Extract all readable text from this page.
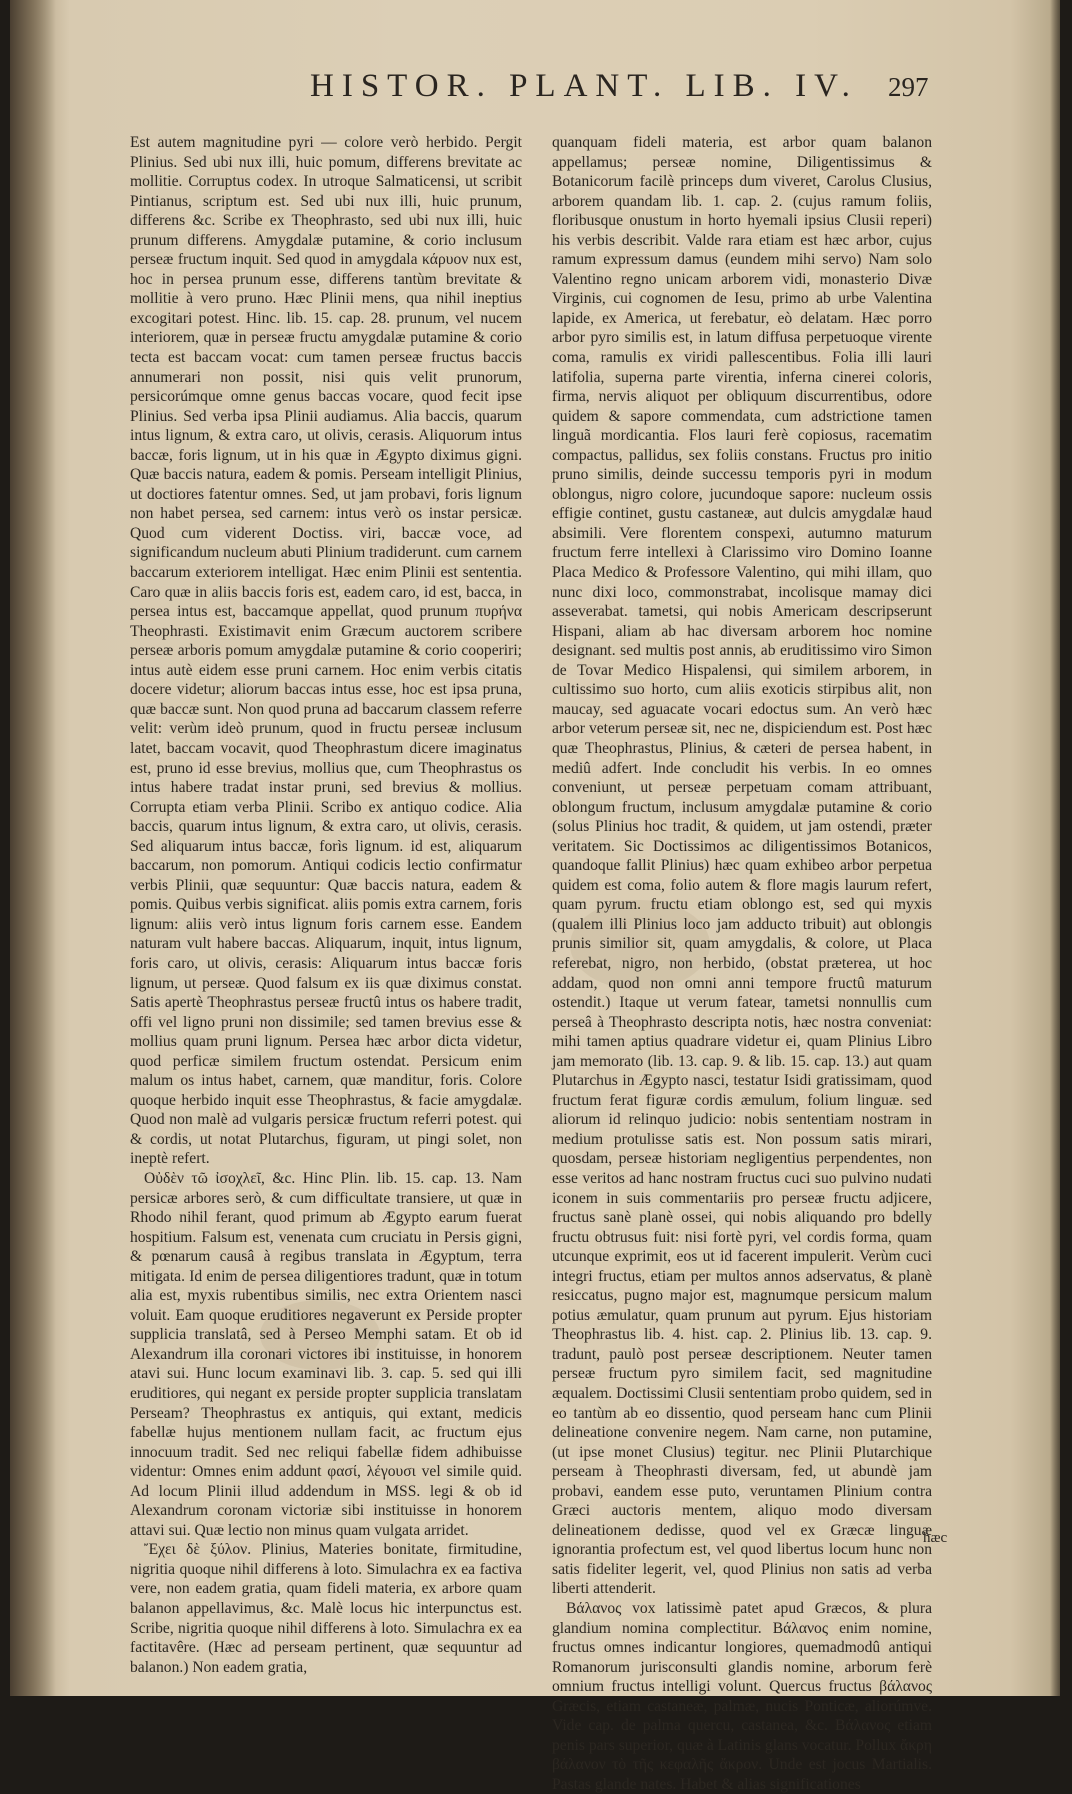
HISTOR. PLANT. LIB. IV. 297

Est autem magnitudine pyri — colore verò herbido. Pergit Plinius. Sed ubi nux illi, huic pomum, differens brevitate ac mollitie. Corruptus codex. In utroque Salmaticensi, ut scribit Pintianus, scriptum est. Sed ubi nux illi, huic prunum, differens &c. Scribe ex Theophrasto, sed ubi nux illi, huic prunum differens. Amygdalæ putamine, & corio inclusum perseæ fructum inquit. Sed quod in amygdala κάρυον nux est, hoc in persea prunum esse, differens tantùm brevitate & mollitie à vero pruno. Hæc Plinii mens, qua nihil ineptius excogitari potest. Hinc. lib. 15. cap. 28. prunum, vel nucem interiorem, quæ in perseæ fructu amygdalæ putamine & corio tecta est baccam vocat: cum tamen perseæ fructus baccis annumerari non possit, nisi quis velit prunorum, persicorúmque omne genus baccas vocare, quod fecit ipse Plinius. Sed verba ipsa Plinii audiamus. Alia baccis, quarum intus lignum, & extra caro, ut olivis, cerasis. Aliquorum intus baccæ, foris lignum, ut in his quæ in Ægypto diximus gigni. Quæ baccis natura, eadem & pomis. Perseam intelligit Plinius, ut doctiores fatentur omnes. Sed, ut jam probavi, foris lignum non habet persea, sed carnem: intus verò os instar persicæ. Quod cum viderent Doctiss. viri, baccæ voce, ad significandum nucleum abuti Plinium tradiderunt. cum carnem baccarum exteriorem intelligat. Hæc enim Plinii est sententia. Caro quæ in aliis baccis foris est, eadem caro, id est, bacca, in persea intus est, baccamque appellat, quod prunum πυρήνα Theophrasti. Existimavit enim Græcum auctorem scribere perseæ arboris pomum amygdalæ putamine & corio cooperiri; intus autè eidem esse pruni carnem. Hoc enim verbis citatis docere videtur; aliorum baccas intus esse, hoc est ipsa pruna, quæ baccæ sunt. Non quod pruna ad baccarum classem referre velit: verùm ideò prunum, quod in fructu perseæ inclusum latet, baccam vocavit, quod Theophrastum dicere imaginatus est, pruno id esse brevius, mollius que, cum Theophrastus os intus habere tradat instar pruni, sed brevius & mollius. Corrupta etiam verba Plinii. Scribo ex antiquo codice. Alia baccis, quarum intus lignum, & extra caro, ut olivis, cerasis. Sed aliquarum intus baccæ, forìs lignum. id est, aliquarum baccarum, non pomorum. Antiqui codicis lectio confirmatur verbis Plinii, quæ sequuntur: Quæ baccis natura, eadem & pomis. Quibus verbis significat. aliis pomis extra carnem, foris lignum: aliis verò intus lignum foris carnem esse. Eandem naturam vult habere baccas. Aliquarum, inquit, intus lignum, foris caro, ut olivis, cerasis: Aliquarum intus baccæ foris lignum, ut perseæ. Quod falsum ex iis quæ diximus constat. Satis apertè Theophrastus perseæ fructû intus os habere tradit, offi vel ligno pruni non dissimile; sed tamen brevius esse & mollius quam pruni lignum. Persea hæc arbor dicta videtur, quod perficæ similem fructum ostendat. Persicum enim malum os intus habet, carnem, quæ manditur, foris. Colore quoque herbido inquit esse Theophrastus, & facie amygdalæ. Quod non malè ad vulgaris persicæ fructum referri potest. qui & cordis, ut notat Plutarchus, figuram, ut pingi solet, non ineptè refert.

Οὐδὲν τῶ ἰσοχλεῖ, &c. Hinc Plin. lib. 15. cap. 13. Nam persicæ arbores serò, & cum difficultate transiere, ut quæ in Rhodo nihil ferant, quod primum ab Ægypto earum fuerat hospitium. Falsum est, venenata cum cruciatu in Persis gigni, & pœnarum causâ à regibus translata in Ægyptum, terra mitigata. Id enim de persea diligentiores tradunt, quæ in totum alia est, myxis rubentibus similis, nec extra Orientem nasci voluit. Eam quoque eruditiores negaverunt ex Perside propter supplicia translatâ, sed à Perseo Memphi satam. Et ob id Alexandrum illa coronari victores ibi instituisse, in honorem atavi sui. Hunc locum examinavi lib. 3. cap. 5. sed qui illi eruditiores, qui negant ex perside propter supplicia translatam Perseam? Theophrastus ex antiquis, qui extant, medicis fabellæ hujus mentionem nullam facit, ac fructum ejus innocuum tradit. Sed nec reliqui fabellæ fidem adhibuisse videntur: Omnes enim addunt φασί, λέγουσι vel simile quid. Ad locum Plinii illud addendum in MSS. legi & ob id Alexandrum coronam victoriæ sibi instituisse in honorem attavi sui. Quæ lectio non minus quam vulgata arridet.

Ἔχει δὲ ξύλον. Plinius, Materies bonitate, firmitudine, nigritia quoque nihil differens à loto. Simulachra ex ea factiva vere, non eadem gratia, quam fideli materia, ex arbore quam balanon appellavimus, &c. Malè locus hic interpunctus est. Scribe, nigritia quoque nihil differens à loto. Simulachra ex ea factitavêre. (Hæc ad perseam pertinent, quæ sequuntur ad balanon.) Non eadem gratia,

quanquam fideli materia, est arbor quam balanon appellamus; perseæ nomine, Diligentissimus & Botanicorum facilè princeps dum viveret, Carolus Clusius, arborem quandam lib. 1. cap. 2. (cujus ramum foliis, floribusque onustum in horto hyemali ipsius Clusii reperi) his verbis describit. Valde rara etiam est hæc arbor, cujus ramum expressum damus (eundem mihi servo) Nam solo Valentino regno unicam arborem vidi, monasterio Divæ Virginis, cui cognomen de Iesu, primo ab urbe Valentina lapide, ex America, ut ferebatur, eò delatam. Hæc porro arbor pyro similis est, in latum diffusa perpetuoque virente coma, ramulis ex viridi pallescentibus. Folia illi lauri latifolia, superna parte virentia, inferna cinerei coloris, firma, nervis aliquot per obliquum discurrentibus, odore quidem & sapore commendata, cum adstrictione tamen linguã mordicantia. Flos lauri ferè copiosus, racematim compactus, pallidus, sex foliis constans. Fructus pro initio pruno similis, deinde successu temporis pyri in modum oblongus, nigro colore, jucundoque sapore: nucleum ossis effigie continet, gustu castaneæ, aut dulcis amygdalæ haud absimili. Vere florentem conspexi, autumno maturum fructum ferre intellexi à Clarissimo viro Domino Ioanne Placa Medico & Professore Valentino, qui mihi illam, quo nunc dixi loco, commonstrabat, incolisque mamay dici asseverabat. tametsi, qui nobis Americam descripserunt Hispani, aliam ab hac diversam arborem hoc nomine designant. sed multis post annis, ab eruditissimo viro Simon de Tovar Medico Hispalensi, qui similem arborem, in cultissimo suo horto, cum aliis exoticis stirpibus alit, non maucay, sed aguacate vocari edoctus sum. An verò hæc arbor veterum perseæ sit, nec ne, dispiciendum est. Post hæc quæ Theophrastus, Plinius, & cæteri de persea habent, in mediû adfert. Inde concludit his verbis. In eo omnes conveniunt, ut perseæ perpetuam comam attribuant, oblongum fructum, inclusum amygdalæ putamine & corio (solus Plinius hoc tradit, & quidem, ut jam ostendi, præter veritatem. Sic Doctissimos ac diligentissimos Botanicos, quandoque fallit Plinius) hæc quam exhibeo arbor perpetua quidem est coma, folio autem & flore magis laurum refert, quam pyrum. fructu etiam oblongo est, sed qui myxis (qualem illi Plinius loco jam adducto tribuit) aut oblongis prunis similior sit, quam amygdalis, & colore, ut Placa referebat, nigro, non herbido, (obstat præterea, ut hoc addam, quod non omni anni tempore fructû maturum ostendit.) Itaque ut verum fatear, tametsi nonnullis cum perseâ à Theophrasto descripta notis, hæc nostra conveniat: mihi tamen aptius quadrare videtur ei, quam Plinius Libro jam memorato (lib. 13. cap. 9. & lib. 15. cap. 13.) aut quam Plutarchus in Ægypto nasci, testatur Isidi gratissimam, quod fructum ferat figuræ cordis æmulum, folium linguæ. sed aliorum id relinquo judicio: nobis sententiam nostram in medium protulisse satis est. Non possum satis mirari, quosdam, perseæ historiam negligentius perpendentes, non esse veritos ad hanc nostram fructus cuci suo pulvino nudati iconem in suis commentariis pro perseæ fructu adjicere, fructus sanè planè ossei, qui nobis aliquando pro bdelly fructu obtrusus fuit: nisi fortè pyri, vel cordis forma, quam utcunque exprimit, eos ut id facerent impulerit. Verùm cuci integri fructus, etiam per multos annos adservatus, & planè resiccatus, pugno major est, magnumque persicum malum potius æmulatur, quam prunum aut pyrum. Ejus historiam Theophrastus lib. 4. hist. cap. 2. Plinius lib. 13. cap. 9. tradunt, paulò post perseæ descriptionem. Neuter tamen perseæ fructum pyro similem facit, sed magnitudine æqualem. Doctissimi Clusii sententiam probo quidem, sed in eo tantùm ab eo dissentio, quod perseam hanc cum Plinii delineatione convenire negem. Nam carne, non putamine, (ut ipse monet Clusius) tegitur. nec Plinii Plutarchique perseam à Theophrasti diversam, fed, ut abundè jam probavi, eandem esse puto, veruntamen Plinium contra Græci auctoris mentem, aliquo modo diversam delineationem dedisse, quod vel ex Græcæ linguæ ignorantia profectum est, vel quod libertus locum hunc non satis fideliter legerit, vel, quod Plinius non satis ad verba liberti attenderit.

Βάλανος vox latissimè patet apud Græcos, & plura glandium nomina complectitur. Βάλανος enim nomine, fructus omnes indicantur longiores, quemadmodû antiqui Romanorum jurisconsulti glandis nomine, arborum ferè omnium fructus intelligi volunt. Quercus fructus βάλανος Græcis, etiam castaneæ, palmæ, nucis Ponticæ, aliorúmve. Vide cap. de palma quercu, castanea, &c. Βάλανος etiam penis pars superior, quæ à Latinis glans vocatur. Pollux ἄκρη βάλανον τὸ τῆς κεφαλῆς ἄκρον. Unde est jocus Martialis. Pastas glande nates. Habet & alias significationes

hæc
